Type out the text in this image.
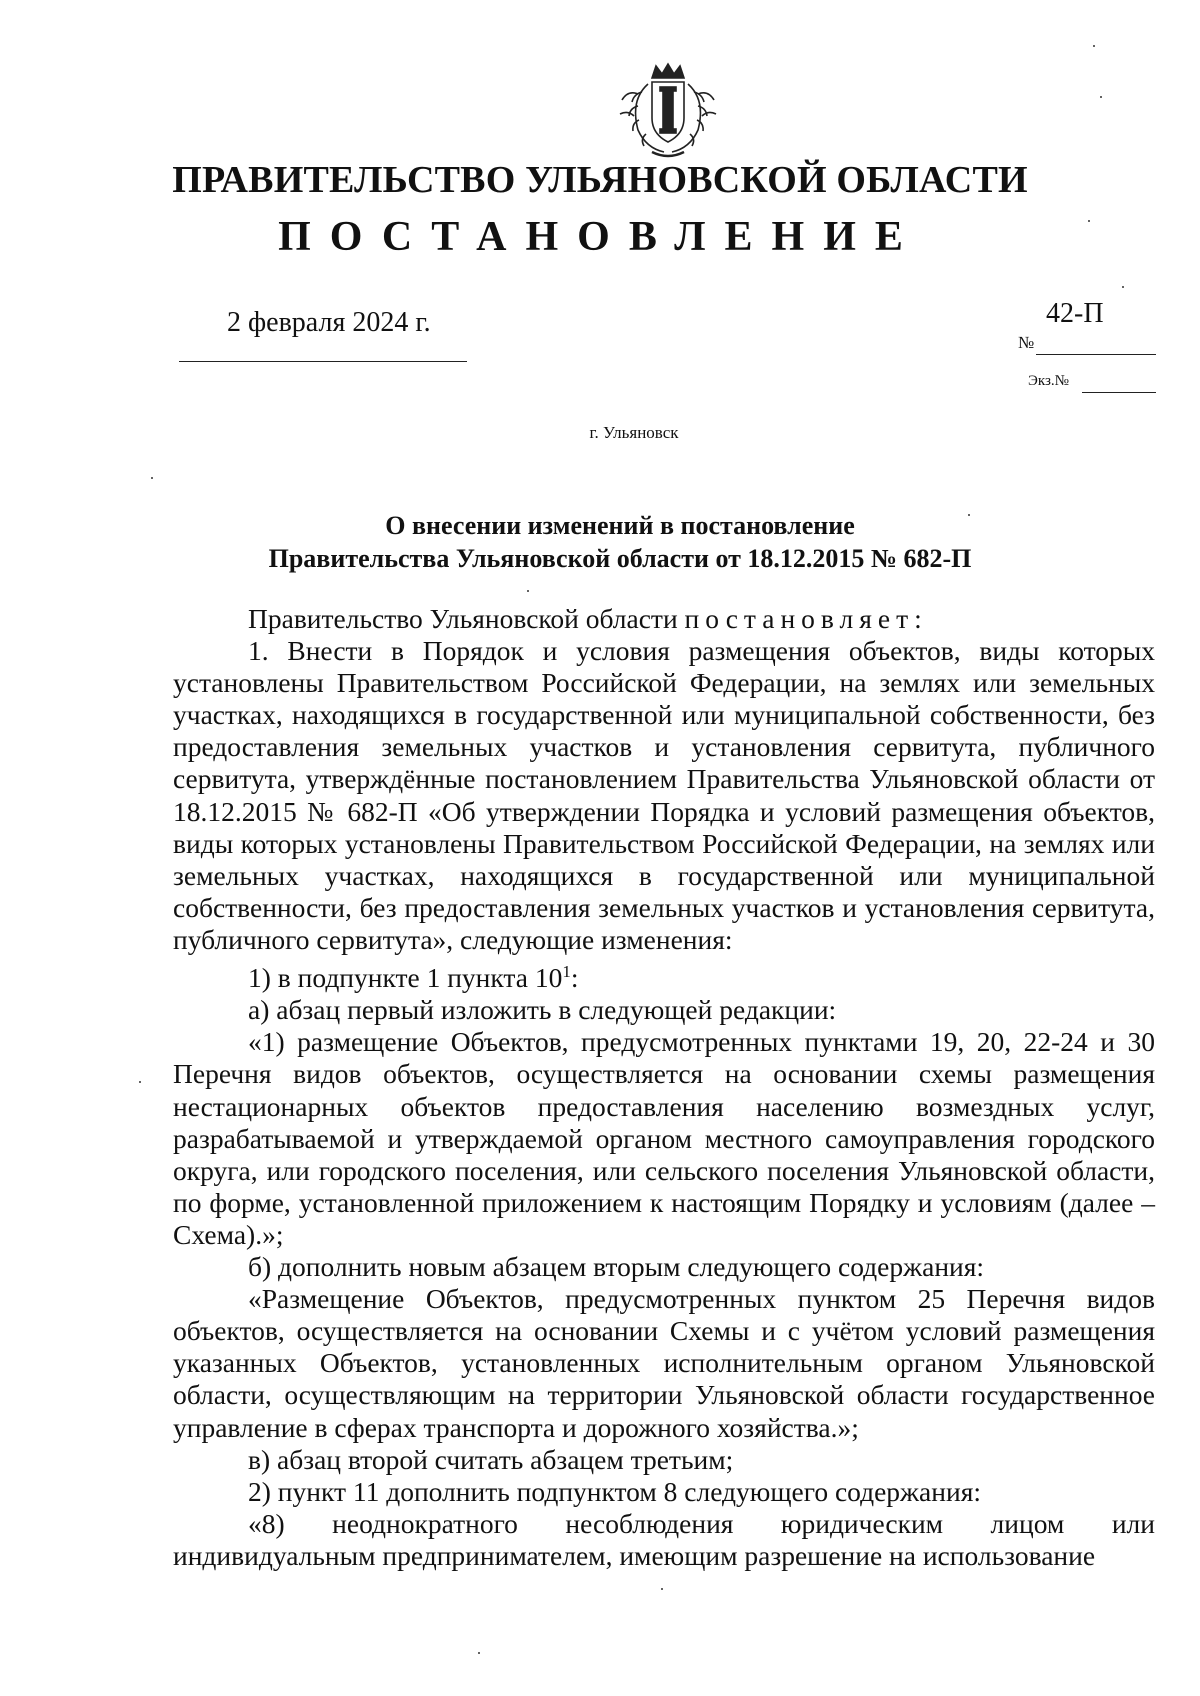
ПРАВИТЕЛЬСТВО УЛЬЯНОВСКОЙ ОБЛАСТИ
ПОСТАНОВЛЕНИЕ
2 февраля 2024 г.	42-П
№
Экз.№
г. Ульяновск
О внесении изменений в постановление
Правительства Ульяновской области от 18.12.2015 № 682-П

Правительство Ульяновской области постановляет:

1. Внести в Порядок и условия размещения объектов, виды которых установлены Правительством Российской Федерации, на землях или земельных участках, находящихся в государственной или муниципальной собственности, без предоставления земельных участков и установления сервитута, публичного сервитута, утверждённые постановлением Правительства Ульяновской области от 18.12.2015 № 682-П «Об утверждении Порядка и условий размещения объектов, виды которых установлены Правительством Российской Федерации, на землях или земельных участках, находящихся в государственной или муниципальной собственности, без предоставления земельных участков и установления сервитута, публичного сервитута», следующие изменения:

1) в подпункте 1 пункта $10^1$:

а) абзац первый изложить в следующей редакции:

«1) размещение Объектов, предусмотренных пунктами 19, 20, 22-24 и 30 Перечня видов объектов, осуществляется на основании схемы размещения нестационарных объектов предоставления населению возмездных услуг, разрабатываемой и утверждаемой органом местного самоуправления городского округа, или городского поселения, или сельского поселения Ульяновской области, по форме, установленной приложением к настоящим Порядку и условиям (далее – Схема).»;

б) дополнить новым абзацем вторым следующего содержания:

«Размещение Объектов, предусмотренных пунктом 25 Перечня видов объектов, осуществляется на основании Схемы и с учётом условий размещения указанных Объектов, установленных исполнительным органом Ульяновской области, осуществляющим на территории Ульяновской области государственное управление в сферах транспорта и дорожного хозяйства.»;

в) абзац второй считать абзацем третьим;

2) пункт 11 дополнить подпунктом 8 следующего содержания:

«8) неоднократного несоблюдения юридическим лицом или индивидуальным предпринимателем, имеющим разрешение на использование
